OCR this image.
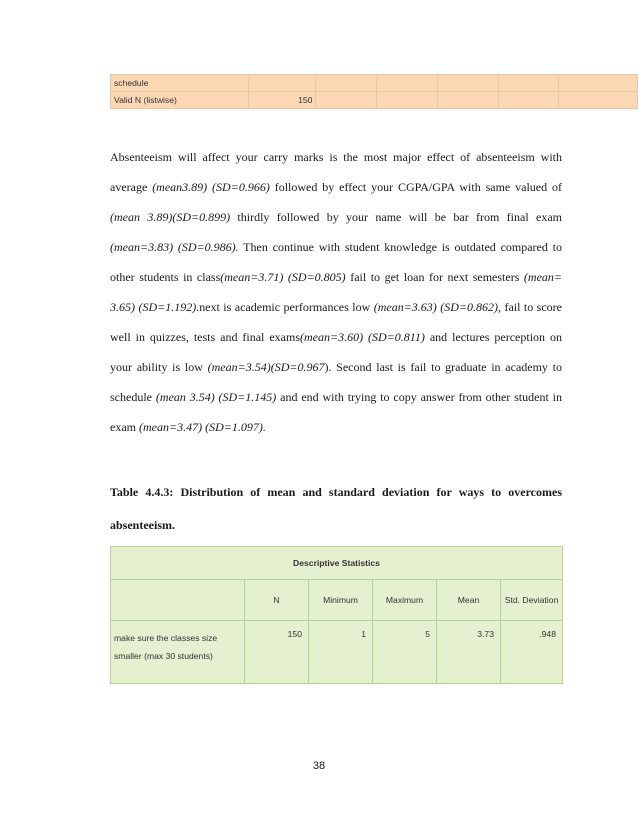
schedule						
Valid N (listwise)	150					

Absenteeism will affect your carry marks is the most major effect of absenteeism with average (mean3.89) (SD=0.966) followed by effect your CGPA/GPA with same valued of (mean 3.89)(SD=0.899) thirdly followed by your name will be bar from final exam (mean=3.83) (SD=0.986). Then continue with student knowledge is outdated compared to other students in class(mean=3.71) (SD=0.805) fail to get loan for next semesters (mean= 3.65) (SD=1.192).next is academic performances low (mean=3.63) (SD=0.862), fail to score well in quizzes, tests and final exams(mean=3.60) (SD=0.811) and lectures perception on your ability is low (mean=3.54)(SD=0.967). Second last is fail to graduate in academy to schedule (mean 3.54) (SD=1.145) and end with trying to copy answer from other student in exam (mean=3.47) (SD=1.097).

Table 4.4.3: Distribution of mean and standard deviation for ways to overcomes absenteeism.

Descriptive Statistics					
	N	Minimum	Maximum	Mean	Std. Deviation
make sure the classes size smaller (max 30 students)	150	1	5	3.73	.948
38
